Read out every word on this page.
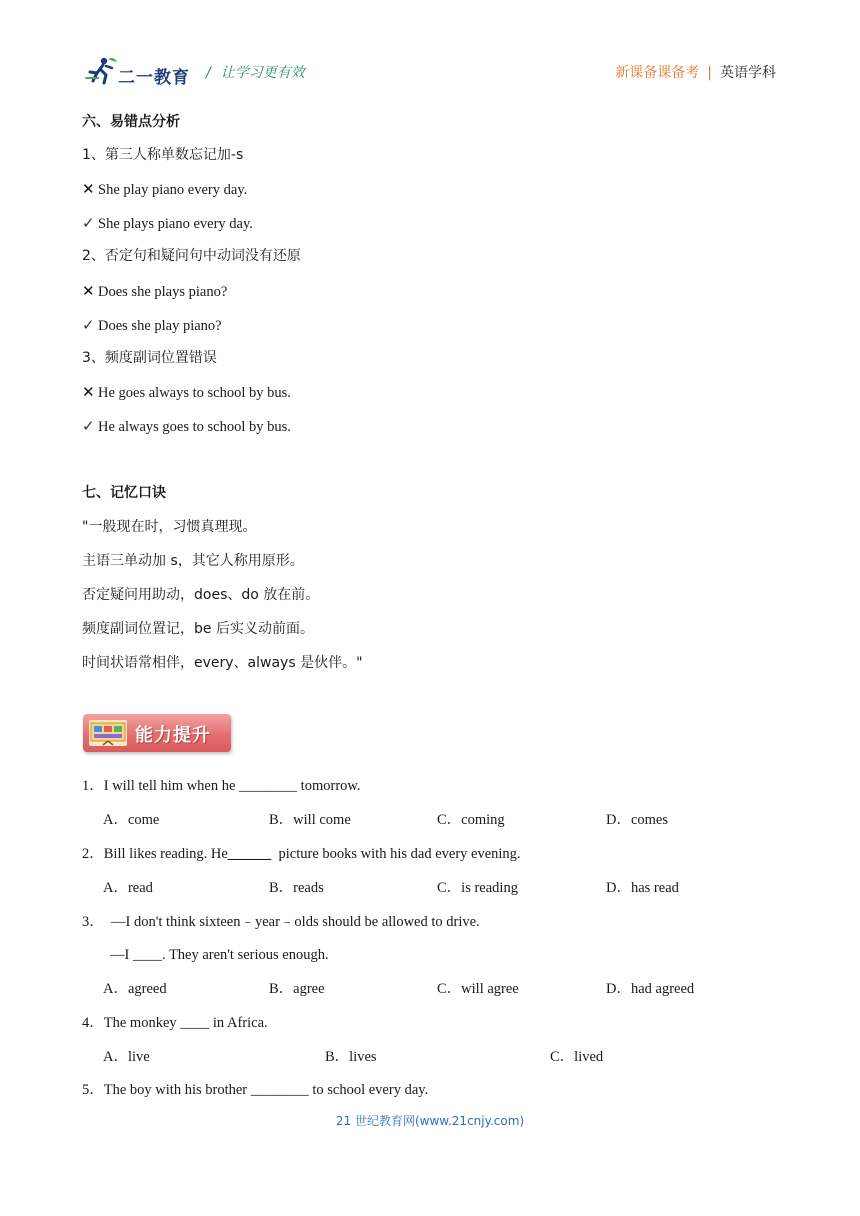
二一教育 / 让学习更有效	新课备课备考 | 英语学科
六、易错点分析
1、第三人称单数忘记加-s
✕ She play piano every day.
✓ She plays piano every day.
2、否定句和疑问句中动词没有还原
✕ Does she plays piano?
✓ Does she play piano?
3、频度副词位置错误
✕ He goes always to school by bus.
✓ He always goes to school by bus.
七、记忆口诀
"一般现在时，习惯真理现。
主语三单动加 s，其它人称用原形。
否定疑问用助动，does、do 放在前。
频度副词位置记，be 后实义动前面。
时间状语常相伴，every、always 是伙伴。"
能力提升
1．I will tell him when he ________ tomorrow.
A．come	B．will come	C．coming	D．comes
2．Bill likes reading. He______  picture books with his dad every evening.
A．read	B．reads	C．is reading	D．has read
3．  —I don't think sixteen﹣year﹣olds should be allowed to drive.
—I ____. They aren't serious enough.
A．agreed	B．agree	C．will agree	D．had agreed
4．The monkey ____ in Africa.
A．live	B．lives	C．lived
5．The boy with his brother ________ to school every day.
21 世纪教育网(www.21cnjy.com)
